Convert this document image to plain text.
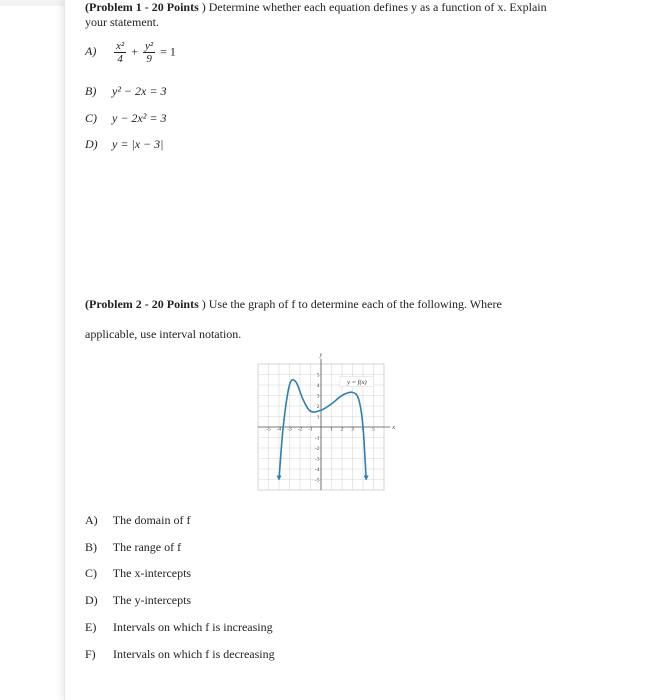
(Problem 1 - 20 Points ) Determine whether each equation defines y as a function of x. Explain
your statement.
$A) \frac{\text{x²}}{4} + \frac{\text{y²}}{9} = 1$
B) y² − 2x = 3
C) y − 2x² = 3
D) y = |x − 3|
(Problem 2 - 20 Points ) Use the graph of f to determine each of the following. Where
applicable, use interval notation.
-5 -4 -3 -2 -1	1 2 3 4 5
5
4
3
2
1
-1
-2
-3
-4
-5
y = f(x)
x
y
A) The domain of f
B) The range of f
C) The x-intercepts
D) The y-intercepts
E) Intervals on which f is increasing
F) Intervals on which f is decreasing
